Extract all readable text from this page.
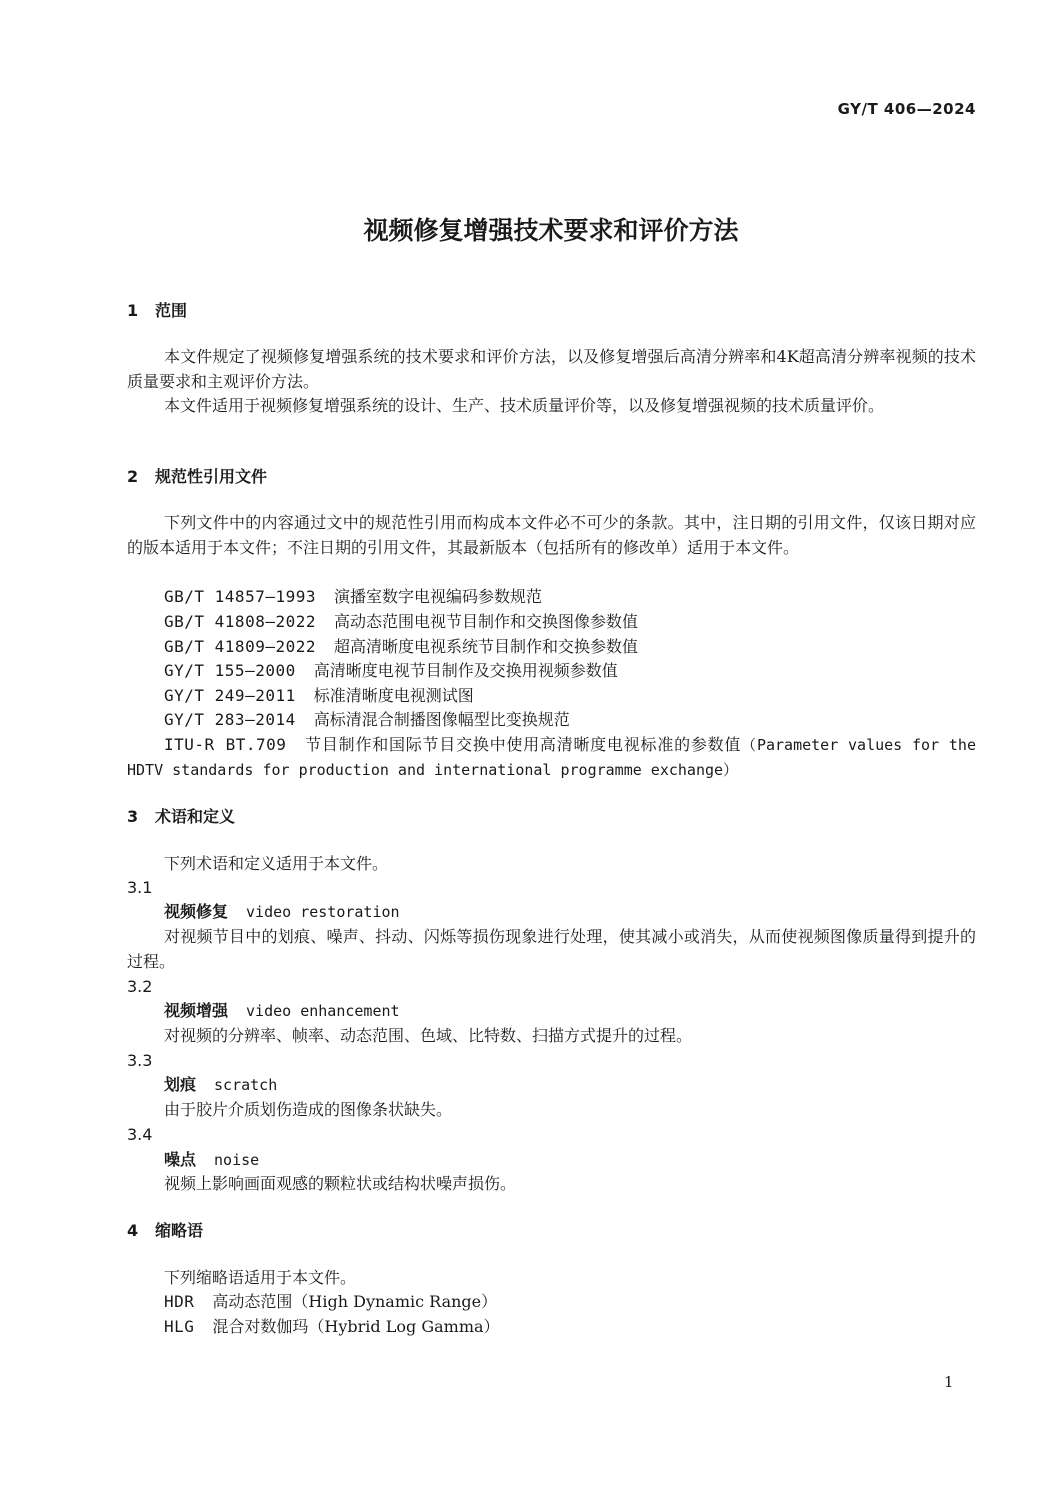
GY/T 406—2024
视频修复增强技术要求和评价方法
1 范围
本文件规定了视频修复增强系统的技术要求和评价方法，以及修复增强后高清分辨率和4K超高清分辨率视频的技术质量要求和主观评价方法。
本文件适用于视频修复增强系统的设计、生产、技术质量评价等，以及修复增强视频的技术质量评价。
2 规范性引用文件
下列文件中的内容通过文中的规范性引用而构成本文件必不可少的条款。其中，注日期的引用文件，仅该日期对应的版本适用于本文件；不注日期的引用文件，其最新版本（包括所有的修改单）适用于本文件。
GB/T 14857—1993 演播室数字电视编码参数规范
GB/T 41808—2022 高动态范围电视节目制作和交换图像参数值
GB/T 41809—2022 超高清晰度电视系统节目制作和交换参数值
GY/T 155—2000 高清晰度电视节目制作及交换用视频参数值
GY/T 249—2011 标准清晰度电视测试图
GY/T 283—2014 高标清混合制播图像幅型比变换规范
ITU-R BT.709 节目制作和国际节目交换中使用高清晰度电视标准的参数值（Parameter values for the HDTV standards for production and international programme exchange）
3 术语和定义
下列术语和定义适用于本文件。
3.1
视频修复 video restoration
对视频节目中的划痕、噪声、抖动、闪烁等损伤现象进行处理，使其减小或消失，从而使视频图像质量得到提升的过程。
3.2
视频增强 video enhancement
对视频的分辨率、帧率、动态范围、色域、比特数、扫描方式提升的过程。
3.3
划痕 scratch
由于胶片介质划伤造成的图像条状缺失。
3.4
噪点 noise
视频上影响画面观感的颗粒状或结构状噪声损伤。
4 缩略语
下列缩略语适用于本文件。
HDR 高动态范围（High Dynamic Range）
HLG 混合对数伽玛（Hybrid Log Gamma）
1
